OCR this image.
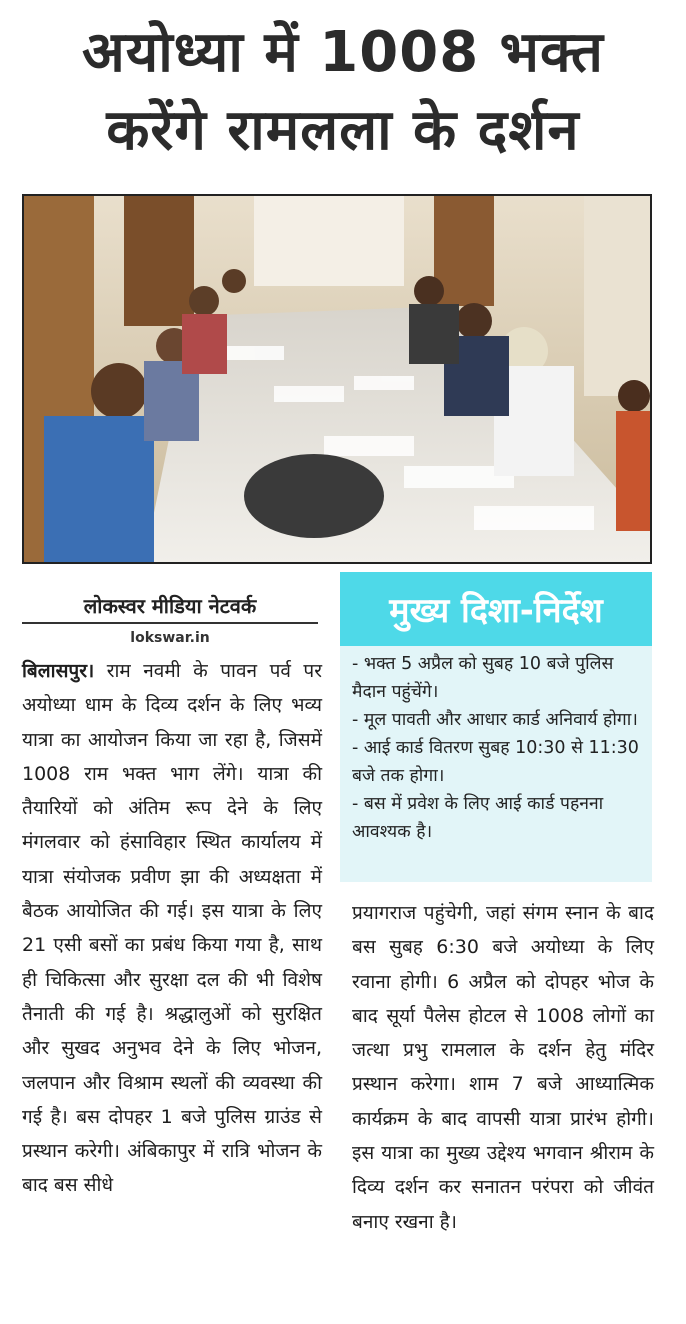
अयोध्या में 1008 भक्त
करेंगे रामलला के दर्शन
लोकस्वर मीडिया नेटवर्क
lokswar.in
बिलासपुर। राम नवमी के पावन पर्व पर अयोध्या धाम के दिव्य दर्शन के लिए भव्य यात्रा का आयोजन किया जा रहा है, जिसमें 1008 राम भक्त भाग लेंगे। यात्रा की तैयारियों को अंतिम रूप देने के लिए मंगलवार को हंसाविहार स्थित कार्यालय में यात्रा संयोजक प्रवीण झा की अध्यक्षता में बैठक आयोजित की गई। इस यात्रा के लिए 21 एसी बसों का प्रबंध किया गया है, साथ ही चिकित्सा और सुरक्षा दल की भी विशेष तैनाती की गई है। श्रद्धालुओं को सुरक्षित और सुखद अनुभव देने के लिए भोजन, जलपान और विश्राम स्थलों की व्यवस्था की गई है। बस दोपहर 1 बजे पुलिस ग्राउंड से प्रस्थान करेगी। अंबिकापुर में रात्रि भोजन के बाद बस सीधे
मुख्य दिशा-निर्देश
- भक्त 5 अप्रैल को सुबह 10 बजे पुलिस मैदान पहुंचेंगे।
- मूल पावती और आधार कार्ड अनिवार्य होगा।
- आई कार्ड वितरण सुबह 10:30 से 11:30 बजे तक होगा।
- बस में प्रवेश के लिए आई कार्ड पहनना आवश्यक है।
प्रयागराज पहुंचेगी, जहां संगम स्नान के बाद बस सुबह 6:30 बजे अयोध्या के लिए रवाना होगी। 6 अप्रैल को दोपहर भोज के बाद सूर्या पैलेस होटल से 1008 लोगों का जत्था प्रभु रामलाल के दर्शन हेतु मंदिर प्रस्थान करेगा। शाम 7 बजे आध्यात्मिक कार्यक्रम के बाद वापसी यात्रा प्रारंभ होगी। इस यात्रा का मुख्य उद्देश्य भगवान श्रीराम के दिव्य दर्शन कर सनातन परंपरा को जीवंत बनाए रखना है।
